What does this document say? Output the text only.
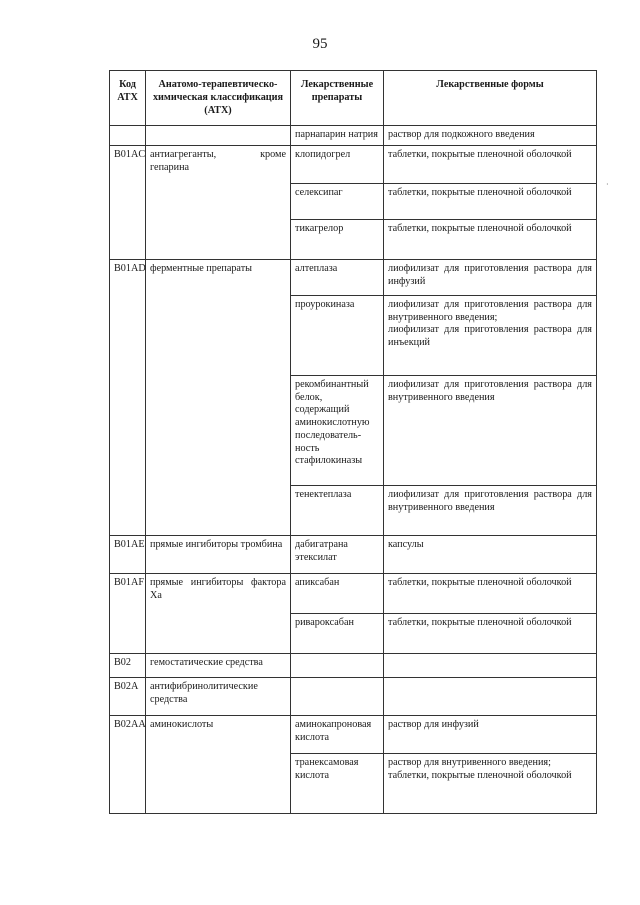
95
·
Код АТХ	Анатомо-терапевтическо-химическая классификация (АТХ)	Лекарственные препараты	Лекарственные формы
		парнапарин натрия	раствор для подкожного введения
B01AC	антиагреганты, кроме гепарина	клопидогрел	таблетки, покрытые пленочной оболочкой
		селексипаг	таблетки, покрытые пленочной оболочкой
		тикагрелор	таблетки, покрытые пленочной оболочкой
B01AD	ферментные препараты	алтеплаза	лиофилизат для приготовления раствора для инфузий
		проурокиназа	лиофилизат для приготовления раствора для внутривенного введения;
лиофилизат для приготовления раствора для инъекций
		рекомбинантный белок, содержащий аминокислотную последователь-ность стафилокиназы	лиофилизат для приготовления раствора для внутривенного введения
		тенектеплаза	лиофилизат для приготовления раствора для внутривенного введения
B01AE	прямые ингибиторы тромбина	дабигатрана этексилат	капсулы
B01AF	прямые ингибиторы фактора Xa	апиксабан	таблетки, покрытые пленочной оболочкой
		ривароксабан	таблетки, покрытые пленочной оболочкой
B02	гемостатические средства		
B02A	антифибринолитические средства		
B02AA	аминокислоты	аминокапроновая кислота	раствор для инфузий
		транексамовая кислота	раствор для внутривенного введения;
таблетки, покрытые пленочной оболочкой
